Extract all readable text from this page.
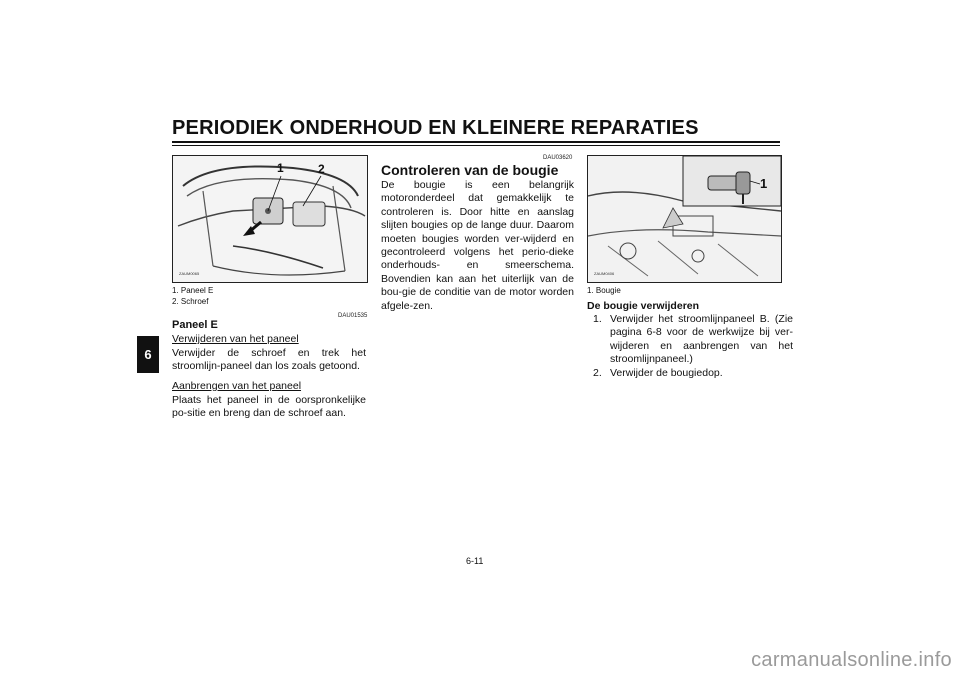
PERIODIEK ONDERHOUD EN KLEINERE REPARATIES
6
1	2
ZAUM0065
1. Paneel E
2. Schroef
DAU01535
Paneel E
Verwijderen van het paneel

Verwijder de schroef en trek het stroomlijn-paneel dan los zoals getoond.

Aanbrengen van het paneel

Plaats het paneel in de oorspronkelijke po-sitie en breng dan de schroef aan.

DAU03620
Controleren van de bougie

De bougie is een belangrijk motoronderdeel dat gemakkelijk te controleren is. Door hitte en aanslag slijten bougies op de lange duur. Daarom moeten bougies worden ver-wijderd en gecontroleerd volgens het perio-dieke onderhouds- en smeerschema. Bovendien kan aan het uiterlijk van de bou-gie de conditie van de motor worden afgele-zen.

1
ZAUM0406
1. Bougie
De bougie verwijderen
1. Verwijder het stroomlijnpaneel B. (Zie pagina 6-8 voor de werkwijze bij ver-wijderen en aanbrengen van het stroomlijnpaneel.)
2. Verwijder de bougiedop.
6-11
carmanualsonline.info
